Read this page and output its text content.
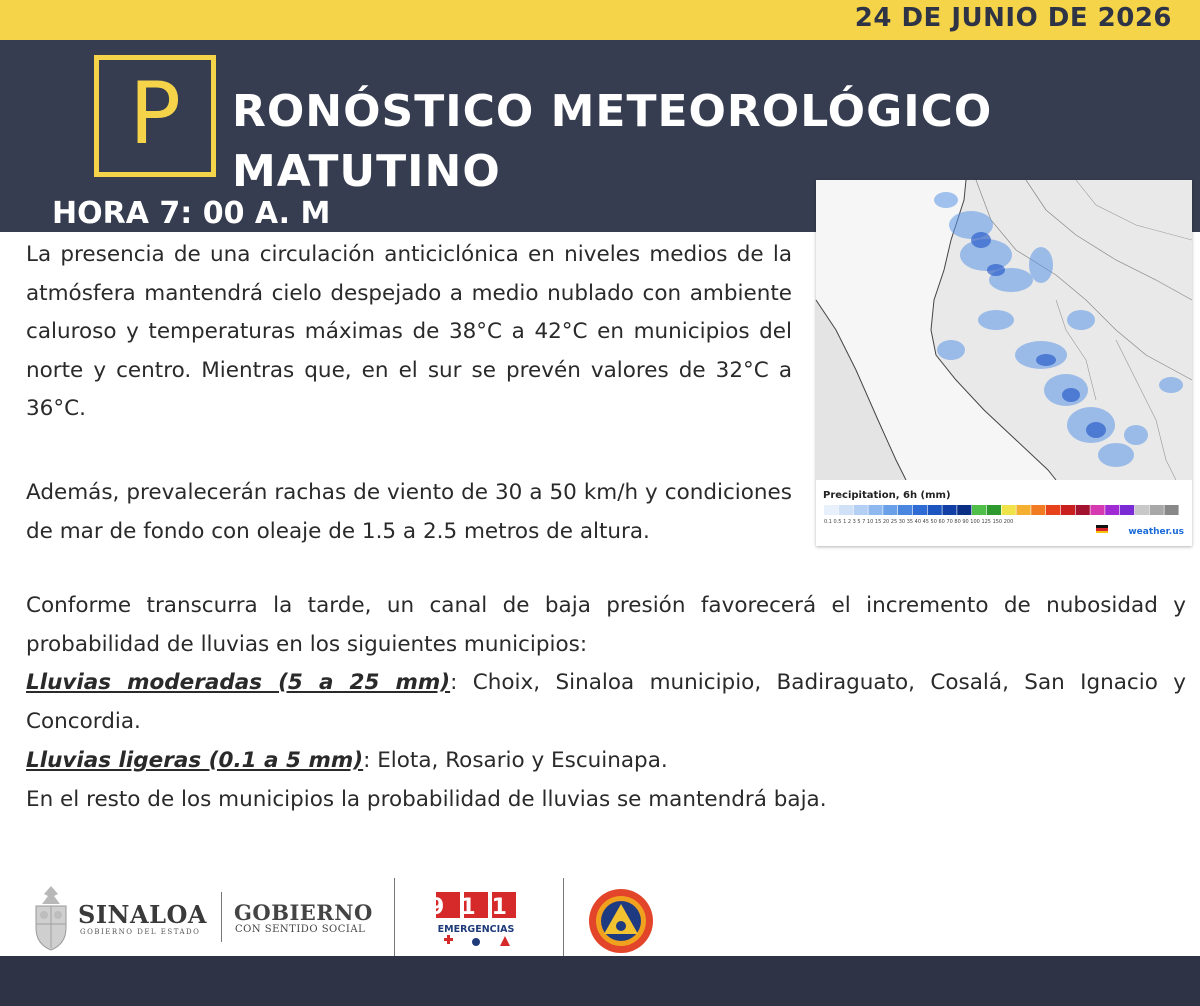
24 DE JUNIO DE 2026
P	RONÓSTICO METEOROLÓGICO
MATUTINO
HORA 7: 00 A. M
0.1 0.5 1 2 3 5 7 10 15 20 25 30 35 40 45 50 60 70 80 90 100 125 150 200
Precipitation, 6h (mm)
weather.us
La presencia de una circulación anticiclónica en niveles medios de la atmósfera mantendrá cielo despejado a medio nublado con ambiente caluroso y temperaturas máximas de 38°C a 42°C en municipios del norte y centro. Mientras que, en el sur se prevén valores de 32°C a 36°C.
Además, prevalecerán rachas de viento de 30 a 50 km/h y condiciones de mar de fondo con oleaje de 1.5 a 2.5 metros de altura.
Conforme transcurra la tarde, un canal de baja presión favorecerá el incremento de nubosidad y probabilidad de lluvias en los siguientes municipios:
Lluvias moderadas (5 a 25 mm): Choix, Sinaloa municipio, Badiraguato, Cosalá, San Ignacio y Concordia.
Lluvias ligeras (0.1 a 5 mm): Elota, Rosario y Escuinapa.
En el resto de los municipios la probabilidad de lluvias se mantendrá baja.
SINALOA
GOBIERNO DEL ESTADO
GOBIERNO
CON SENTIDO SOCIAL
911
EMERGENCIAS
